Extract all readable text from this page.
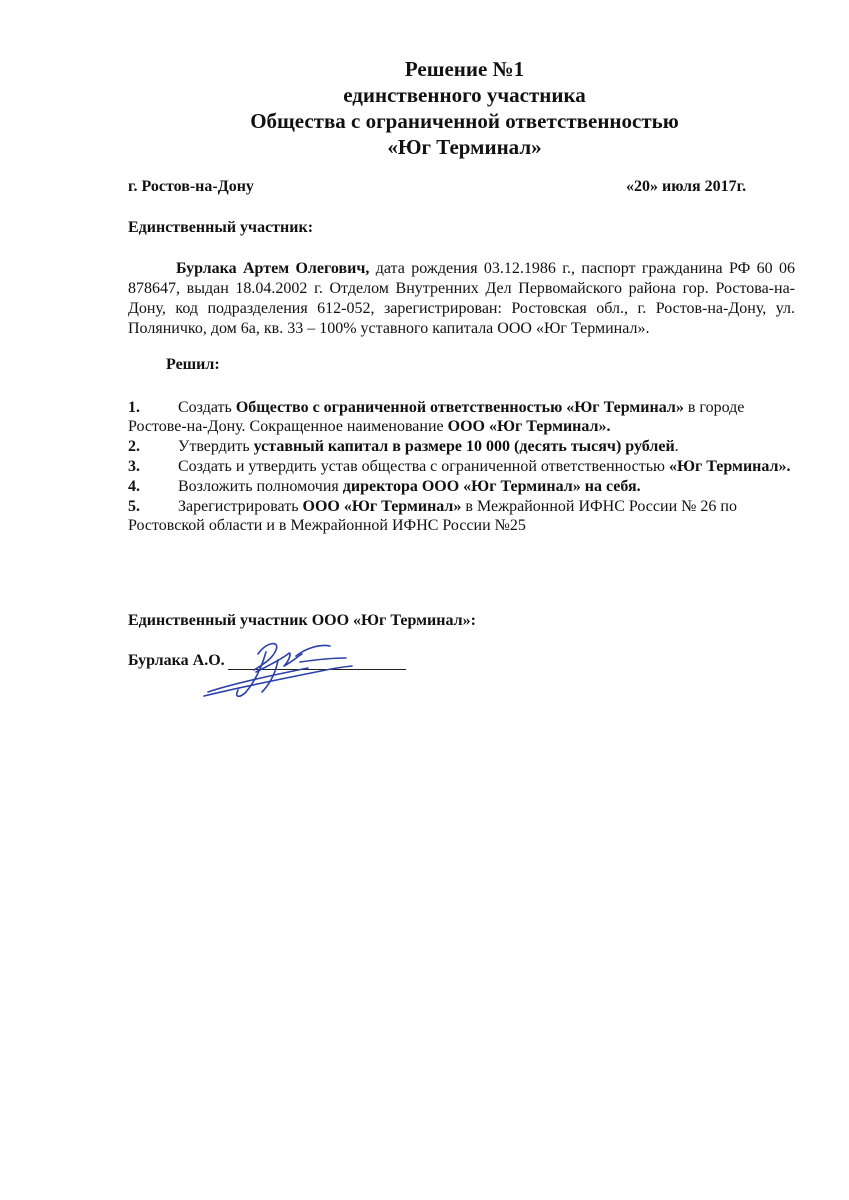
Решение №1
единственного участника
Общества с ограниченной ответственностью
«Юг Терминал»
г. Ростов-на-Дону	«20» июля 2017г.
Единственный участник:
Бурлака Артем Олегович, дата рождения 03.12.1986 г., паспорт гражданина РФ 60 06 878647, выдан 18.04.2002 г. Отделом Внутренних Дел Первомайского района гор. Ростова-на-Дону, код подразделения 612-052, зарегистрирован: Ростовская обл., г. Ростов-на-Дону, ул. Поляничко, дом 6а, кв. 33 – 100% уставного капитала ООО «Юг Терминал».
Решил:
1.	Создать Общество с ограниченной ответственностью «Юг Терминал» в городе
Ростове-на-Дону. Сокращенное наименование ООО «Юг Терминал».
2.	Утвердить уставный капитал в размере 10 000 (десять тысяч) рублей.
3.	Создать и утвердить устав общества с ограниченной ответственностью «Юг Терминал».
4.	Возложить полномочия директора ООО «Юг Терминал» на себя.
5.	Зарегистрировать ООО «Юг Терминал» в Межрайонной ИФНС России № 26 по
Ростовской области и в Межрайонной ИФНС России №25
Единственный участник ООО «Юг Терминал»:
Бурлака А.О.
